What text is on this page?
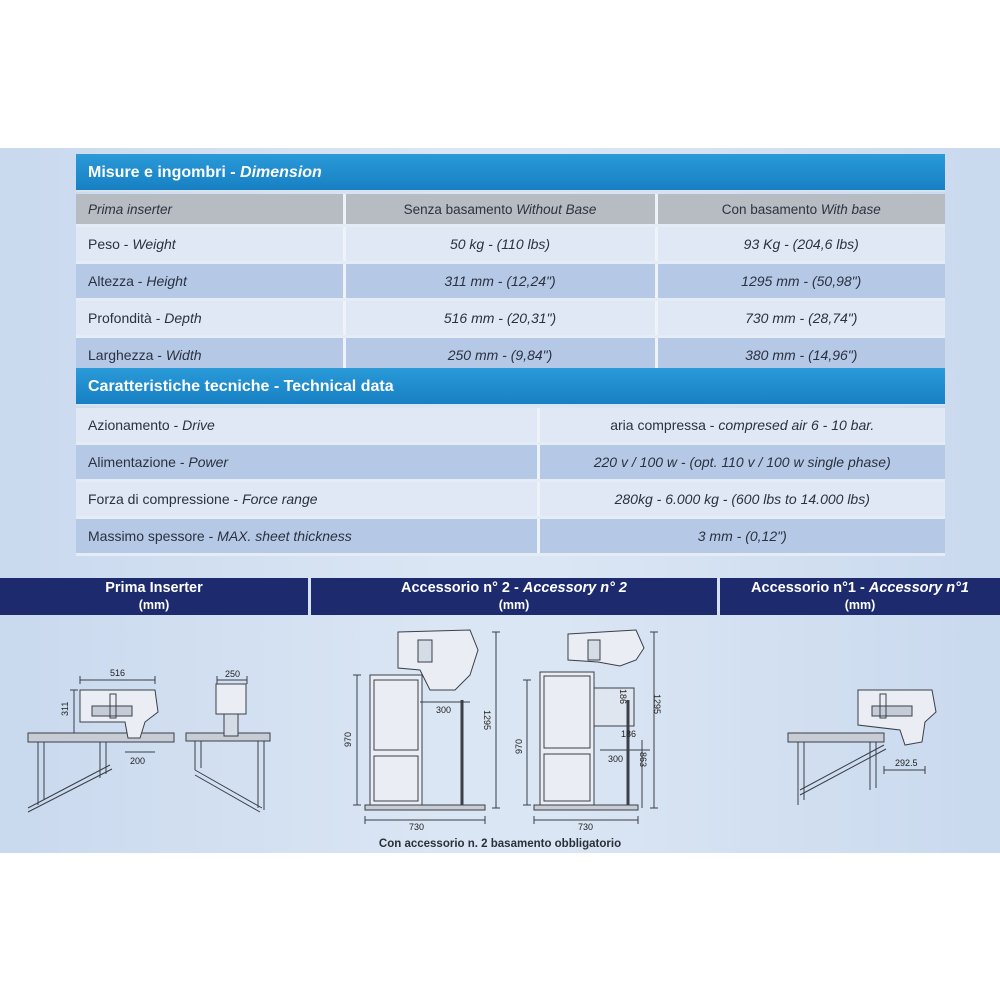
Misure e ingombri - Dimension
Prima inserter	Senza basamento Without Base	Con basamento With base
Peso - Weight	50 kg - (110 lbs)	93 Kg - (204,6 lbs)
Altezza - Height	311 mm - (12,24")	1295 mm - (50,98")
Profondità - Depth	516 mm - (20,31")	730 mm - (28,74")
Larghezza - Width	250 mm - (9,84")	380 mm - (14,96")
Caratteristiche tecniche - Technical data
Azionamento - Drive	aria compressa - compresed air 6 - 10 bar.
Alimentazione - Power	220 v / 100 w - (opt. 110 v / 100 w single phase)
Forza di compressione - Force range	280kg - 6.000 kg - (600 lbs to 14.000 lbs)
Massimo spessore - MAX. sheet thickness	3 mm - (0,12")
Prima Inserter
(mm)
Accessorio n° 2 - Accessory n° 2
(mm)
Accessorio n°1 - Accessory n°1
(mm)
516
311
200
250
970
300	1295
730
970
186
186
1295
300 863
730
292.5
Con accessorio n. 2 basamento obbligatorio
